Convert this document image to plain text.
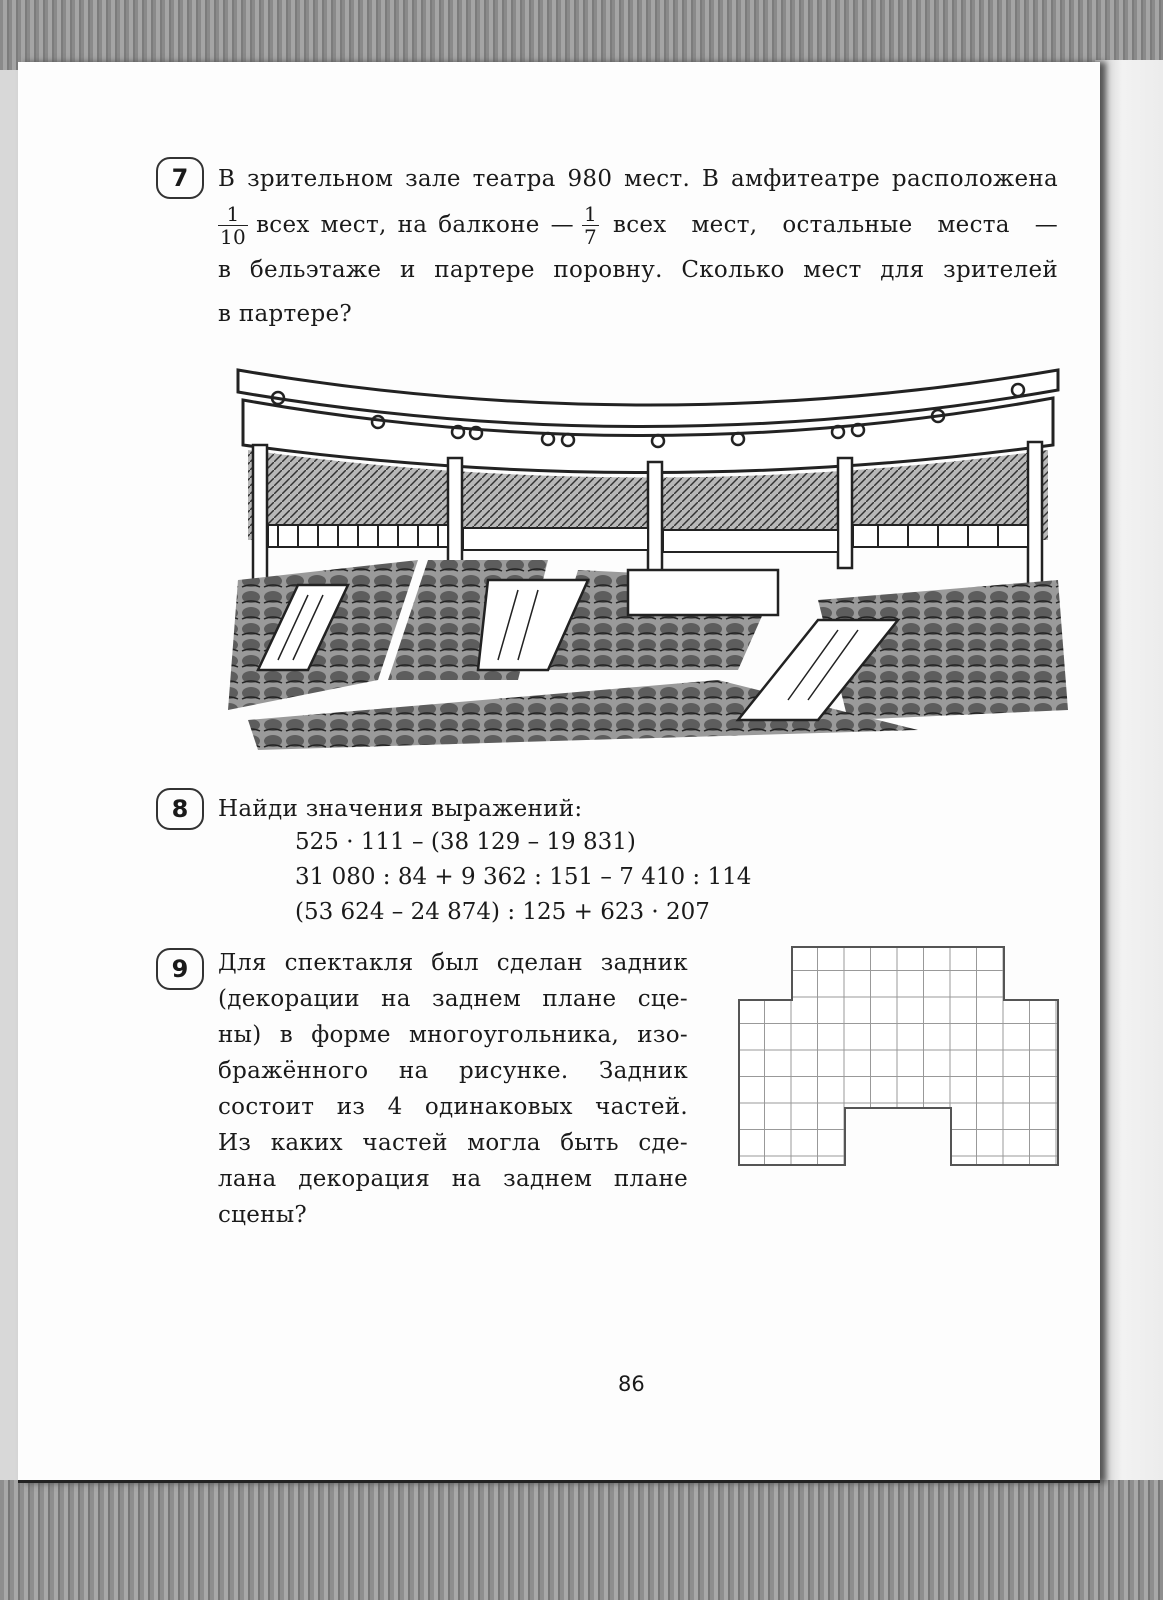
7 В зрительном зале театра 980 мест. В амфитеатре расположена
$\frac{1}{10}$ всех мест, на балконе — $\frac{1}{7}$ всех мест, остальные места —
в бельэтаже и партере поровну. Сколько мест для зрителей
в партере?
8 Найди значения выражений:
525 · 111 – (38 129 – 19 831)
31 080 : 84 + 9 362 : 151 – 7 410 : 114
(53 624 – 24 874) : 125 + 623 · 207
9 Для спектакля был сделан задник
(декорации на заднем плане сце-
ны) в форме многоугольника, изо-
бражённого на рисунке. Задник
состоит из 4 одинаковых частей.
Из каких частей могла быть сде-
лана декорация на заднем плане
сцены?
86
